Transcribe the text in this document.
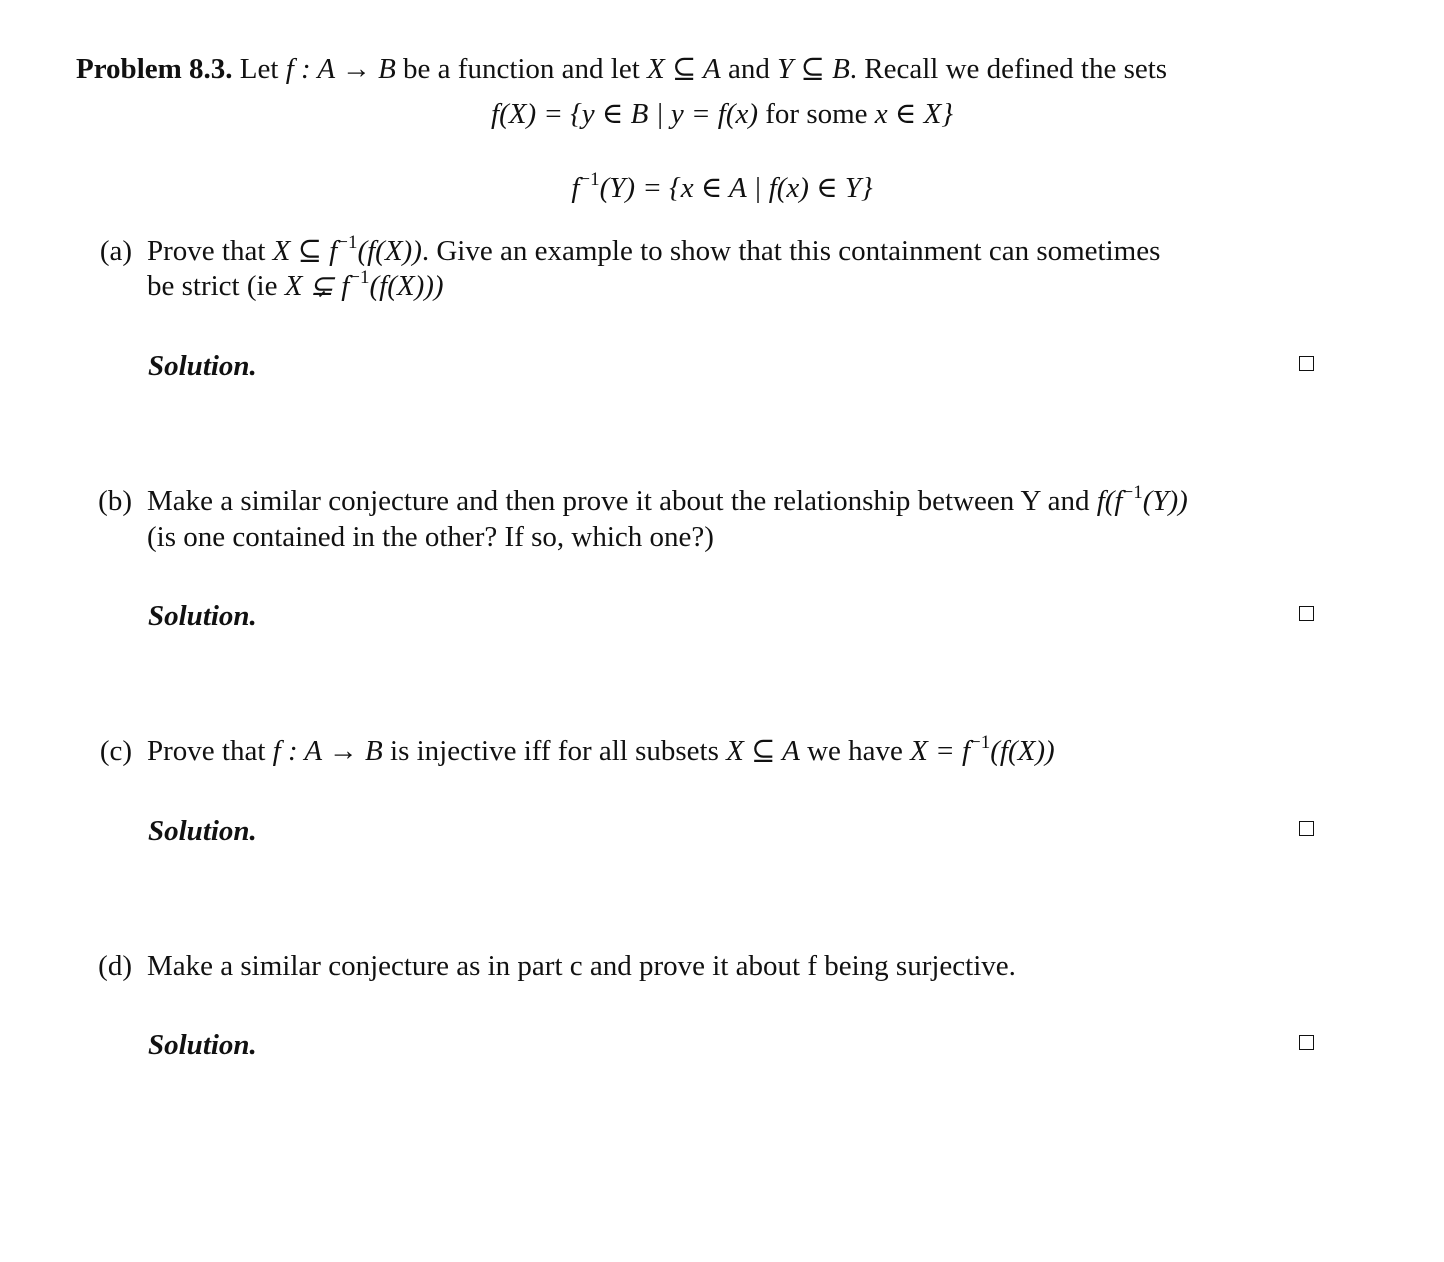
Problem 8.3. Let f : A → B be a function and let X ⊆ A and Y ⊆ B. Recall we defined the sets
f(X) = {y ∈ B | y = f(x) for some x ∈ X}
$f^{-1}(Y) = \{x$ ∈ A | f(x) ∈ Y}
(a) Prove that X ⊆ $f^{-1}(f(X))$. Give an example to show that this containment can sometimes
be strict (ie X ⊊ $f^{-1}(f(X))$)
Solution.
(b) Make a similar conjecture and then prove it about the relationship between Y and $f(f^{-1}(Y))$
(is one contained in the other? If so, which one?)
Solution.
(c) Prove that f : A → B is injective iff for all subsets X ⊆ A we have $X = f^{-1}(f(X))$
Solution.
(d) Make a similar conjecture as in part c and prove it about f being surjective.
Solution.
